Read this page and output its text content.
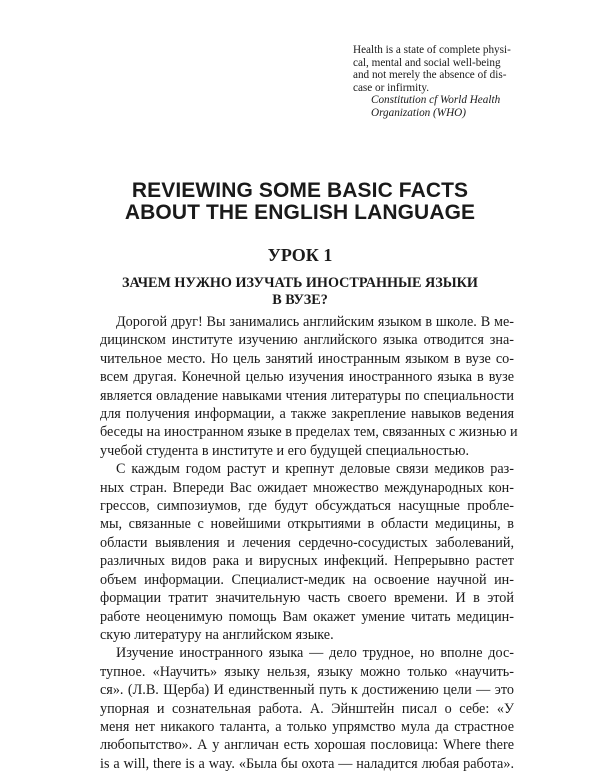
Health is a state of complete physi-
cal, mental and social well-being
and not merely the absence of dis-
case or infirmity.
Constitution cf World Health
Organization (WHO)
REVIEWING SOME BASIC FACTS
ABOUT THE ENGLISH LANGUAGE
УРОК 1
ЗАЧЕМ НУЖНО ИЗУЧАТЬ ИНОСТРАННЫЕ ЯЗЫКИ
В ВУЗЕ?
Дорогой друг! Вы занимались английским языком в школе. В ме-
дицинском институте изучению английского языка отводится зна-
чительное место. Но цель занятий иностранным языком в вузе со-
всем другая. Конечной целью изучения иностранного языка в вузе
является овладение навыками чтения литературы по специальности
для получения информации, а также закрепление навыков ведения
беседы на иностранном языке в пределах тем, связанных с жизнью и
учебой студента в институте и его будущей специальностью.
С каждым годом растут и крепнут деловые связи медиков раз-
ных стран. Впереди Вас ожидает множество международных кон-
грессов, симпозиумов, где будут обсуждаться насущные пробле-
мы, связанные с новейшими открытиями в области медицины, в
области выявления и лечения сердечно-сосудистых заболеваний,
различных видов рака и вирусных инфекций. Непрерывно растет
объем информации. Специалист-медик на освоение научной ин-
формации тратит значительную часть своего времени. И в этой
работе неоценимую помощь Вам окажет умение читать медицин-
скую литературу на английском языке.
Изучение иностранного языка — дело трудное, но вполне дос-
тупное. «Научить» языку нельзя, языку можно только «научить-
ся». (Л.В. Щерба) И единственный путь к достижению цели — это
упорная и сознательная работа. А. Эйнштейн писал о себе: «У
меня нет никакого таланта, а только упрямство мула да страстное
любопытство». А у англичан есть хорошая пословица: Where there
is a will, there is a way. «Была бы охота — наладится любая работа».
